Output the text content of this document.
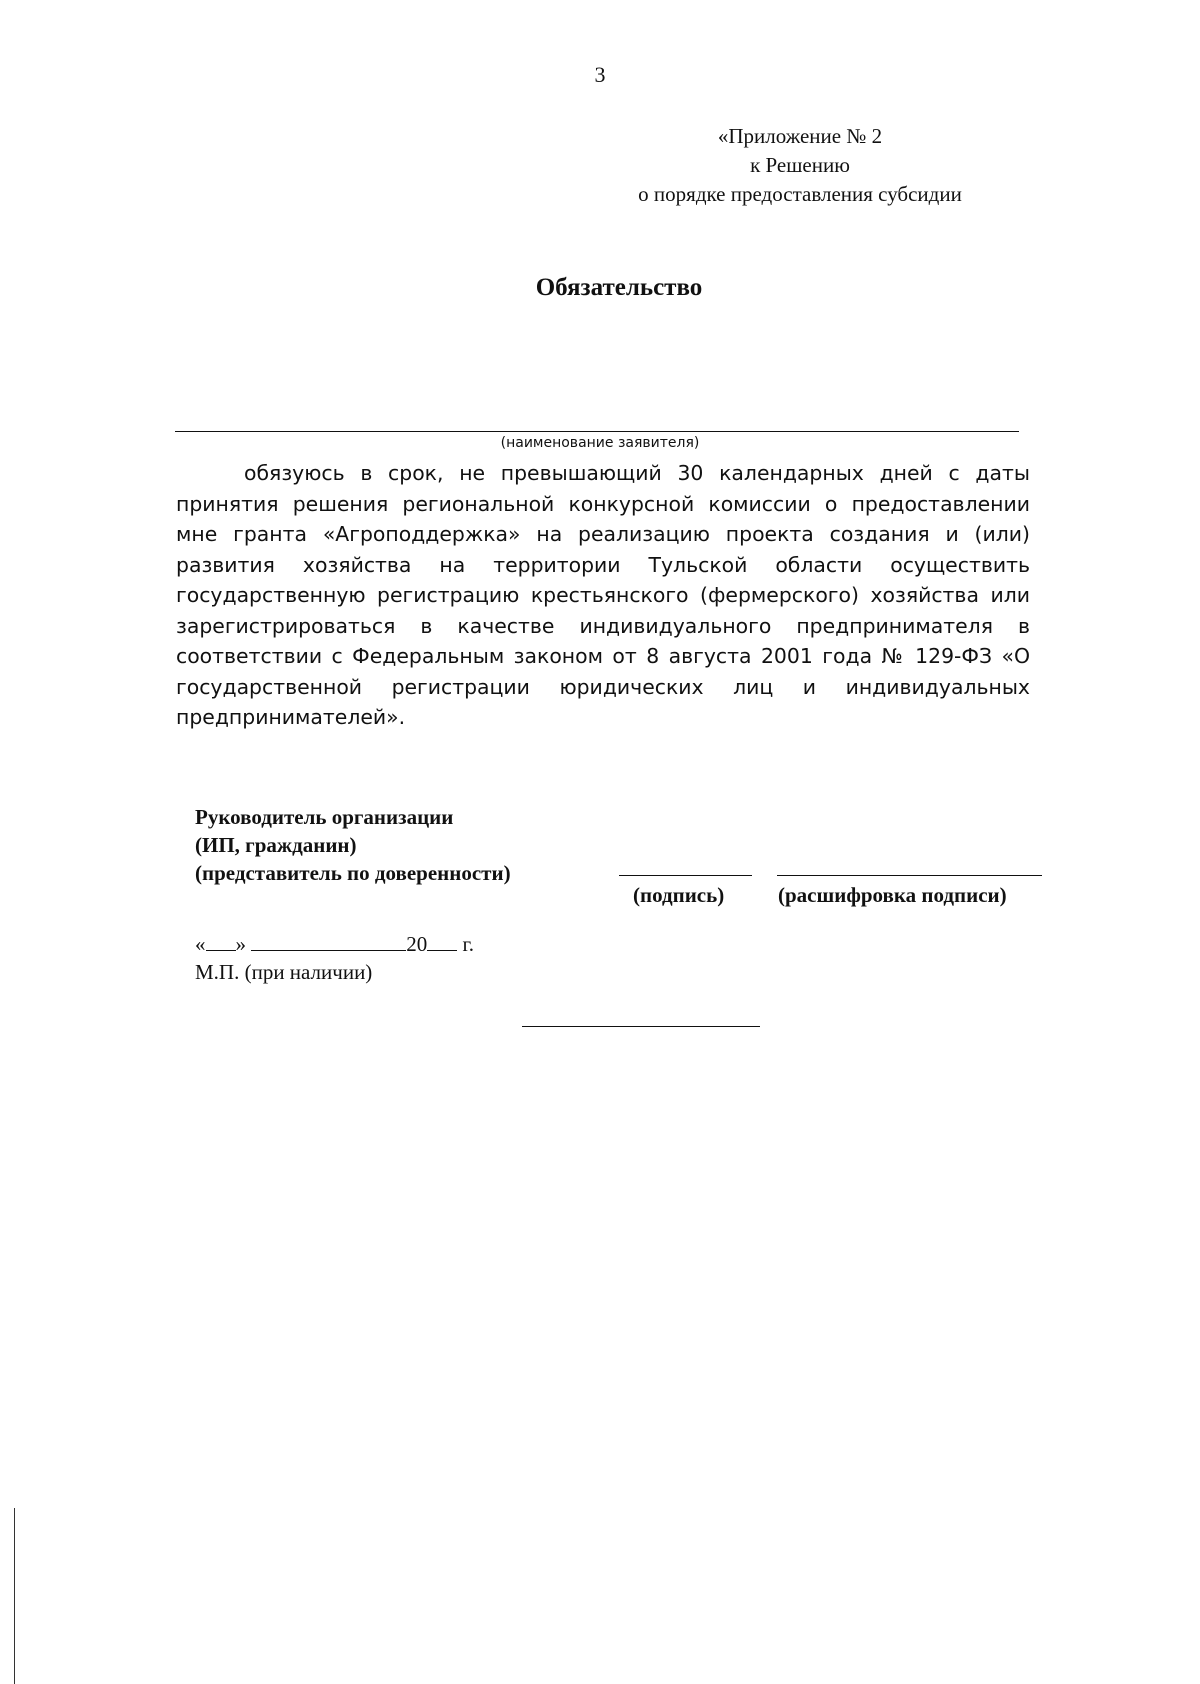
3
«Приложение № 2
к Решению
о порядке предоставления субсидии
Обязательство
(наименование заявителя)

обязуюсь в срок, не превышающий 30 календарных дней с даты принятия решения региональной конкурсной комиссии о предоставлении мне гранта «Агроподдержка» на реализацию проекта создания и (или) развития хозяйства на территории Тульской области осуществить государственную регистрацию крестьянского (фермерского) хозяйства или зарегистрироваться в качестве индивидуального предпринимателя в соответствии с Федеральным законом от 8 августа 2001 года № 129-ФЗ «О государственной регистрации юридических лиц и индивидуальных предпринимателей».

Руководитель организации
(ИП, гражданин)
(представитель по доверенности)
(подпись)	(расшифровка подписи)
« »	20 г.
М.П. (при наличии)
